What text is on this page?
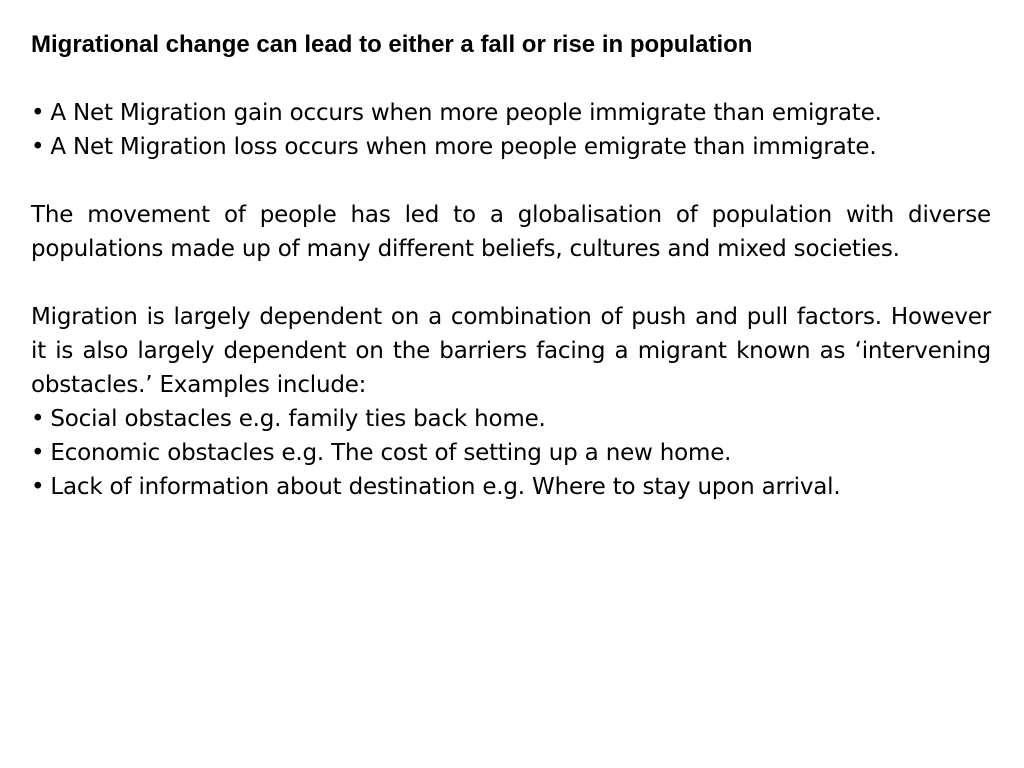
Migrational change can lead to either a fall or rise in population

• A Net Migration gain occurs when more people immigrate than emigrate.

• A Net Migration loss occurs when more people emigrate than immigrate.

The movement of people has led to a globalisation of population with diverse populations made up of many different beliefs, cultures and mixed societies.

Migration is largely dependent on a combination of push and pull factors. However it is also largely dependent on the barriers facing a migrant known as ‘intervening obstacles.’ Examples include:

• Social obstacles e.g. family ties back home.

• Economic obstacles e.g. The cost of setting up a new home.

• Lack of information about destination e.g. Where to stay upon arrival.
